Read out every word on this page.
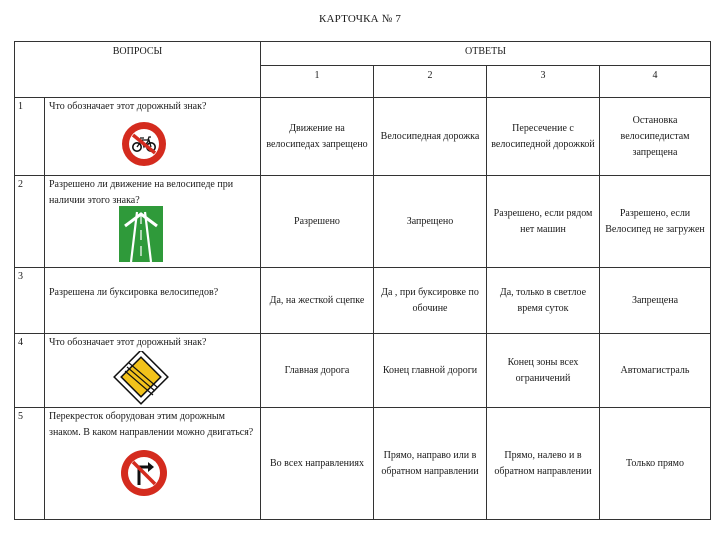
КАРТОЧКА № 7
ВОПРОСЫ		ОТВЕТЫ			
		1	2	3	4
1	Что обозначает этот дорожный знак?	Движение на велосипедах запрещено	Велосипедная дорожка	Пересечение с велосипедной дорожкой	Остановка велосипедистам запрещена
2	Разрешено ли движение на велосипеде при наличии этого знака?	Разрешено	Запрещено	Разрешено, если рядом нет машин	Разрешено, если Велосипед не загружен
3	Разрешена ли буксировка велосипедов?	Да, на жесткой сцепке	Да , при буксировке по обочине	Да, только в светлое время суток	Запрещена
4	Что обозначает этот дорожный знак?	Главная дорога	Конец главной дороги	Конец зоны всех ограничений	Автомагистраль
5	Перекресток оборудован этим дорожным знаком. В каком направлении можно двигаться?	Во всех направлениях	Прямо, направо или в обратном направлении	Прямо, налево и в обратном направлении	Только прямо
